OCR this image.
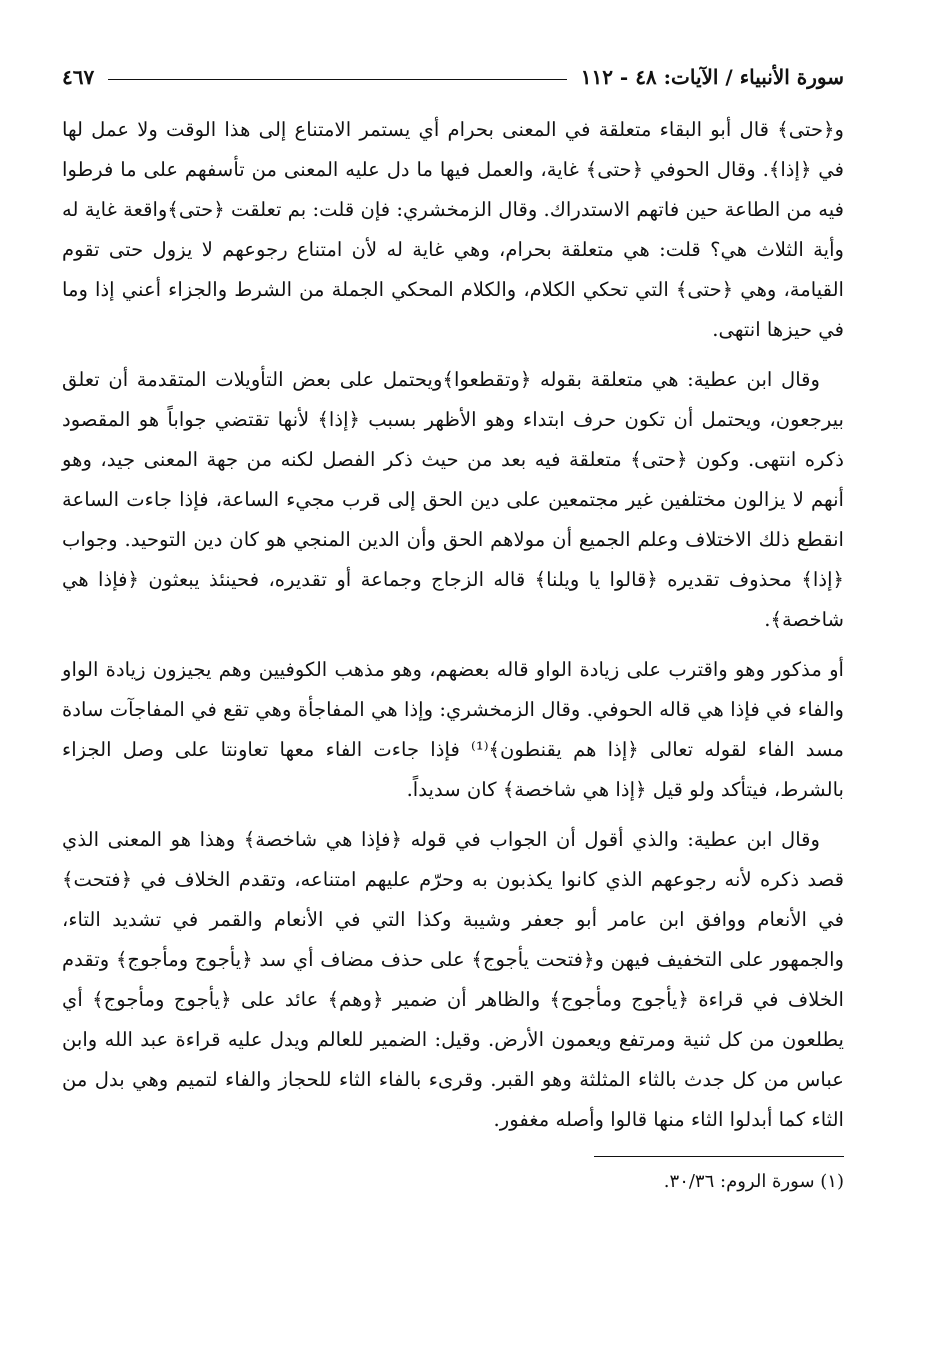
سورة الأنبياء / الآيات: ٤٨ - ١١٢
٤٦٧

و﴿حتى﴾ قال أبو البقاء متعلقة في المعنى بحرام أي يستمر الامتناع إلى هذا الوقت ولا عمل لها في ﴿إذا﴾. وقال الحوفي ﴿حتى﴾ غاية، والعمل فيها ما دل عليه المعنى من تأسفهم على ما فرطوا فيه من الطاعة حين فاتهم الاستدراك. وقال الزمخشري: فإن قلت: بم تعلقت ﴿حتى﴾واقعة غاية له وأية الثلاث هي؟ قلت: هي متعلقة بحرام، وهي غاية له لأن امتناع رجوعهم لا يزول حتى تقوم القيامة، وهي ﴿حتى﴾ التي تحكي الكلام، والكلام المحكي الجملة من الشرط والجزاء أعني إذا وما في حيزها انتهى.

وقال ابن عطية: هي متعلقة بقوله ﴿وتقطعوا﴾ويحتمل على بعض التأويلات المتقدمة أن تعلق بيرجعون، ويحتمل أن تكون حرف ابتداء وهو الأظهر بسبب ﴿إذا﴾ لأنها تقتضي جواباً هو المقصود ذكره انتهى. وكون ﴿حتى﴾ متعلقة فيه بعد من حيث ذكر الفصل لكنه من جهة المعنى جيد، وهو أنهم لا يزالون مختلفين غير مجتمعين على دين الحق إلى قرب مجيء الساعة، فإذا جاءت الساعة انقطع ذلك الاختلاف وعلم الجميع أن مولاهم الحق وأن الدين المنجي هو كان دين التوحيد. وجواب ﴿إذا﴾ محذوف تقديره ﴿قالوا يا ويلنا﴾ قاله الزجاج وجماعة أو تقديره، فحينئذ يبعثون ﴿فإذا هي شاخصة﴾.

أو مذكور وهو واقترب على زيادة الواو قاله بعضهم، وهو مذهب الكوفيين وهم يجيزون زيادة الواو والفاء في فإذا هي قاله الحوفي. وقال الزمخشري: وإذا هي المفاجأة وهي تقع في المفاجآت سادة مسد الفاء لقوله تعالى ﴿إذا هم يقنطون﴾⁽¹⁾ فإذا جاءت الفاء معها تعاونتا على وصل الجزاء بالشرط، فيتأكد ولو قيل ﴿إذا هي شاخصة﴾ كان سديداً.

وقال ابن عطية: والذي أقول أن الجواب في قوله ﴿فإذا هي شاخصة﴾ وهذا هو المعنى الذي قصد ذكره لأنه رجوعهم الذي كانوا يكذبون به وحرّم عليهم امتناعه، وتقدم الخلاف في ﴿فتحت﴾ في الأنعام ووافق ابن عامر أبو جعفر وشيبة وكذا التي في الأنعام والقمر في تشديد التاء، والجمهور على التخفيف فيهن و﴿فتحت يأجوج﴾ على حذف مضاف أي سد ﴿يأجوج ومأجوج﴾ وتقدم الخلاف في قراءة ﴿يأجوج ومأجوج﴾ والظاهر أن ضمير ﴿وهم﴾ عائد على ﴿يأجوج ومأجوج﴾ أي يطلعون من كل ثنية ومرتفع ويعمون الأرض. وقيل: الضمير للعالم ويدل عليه قراءة عبد الله وابن عباس من كل جدث بالثاء المثلثة وهو القبر. وقرىء بالفاء الثاء للحجاز والفاء لتميم وهي بدل من الثاء كما أبدلوا الثاء منها قالوا وأصله مغفور.

(١) سورة الروم: ٣٠/٣٦.
